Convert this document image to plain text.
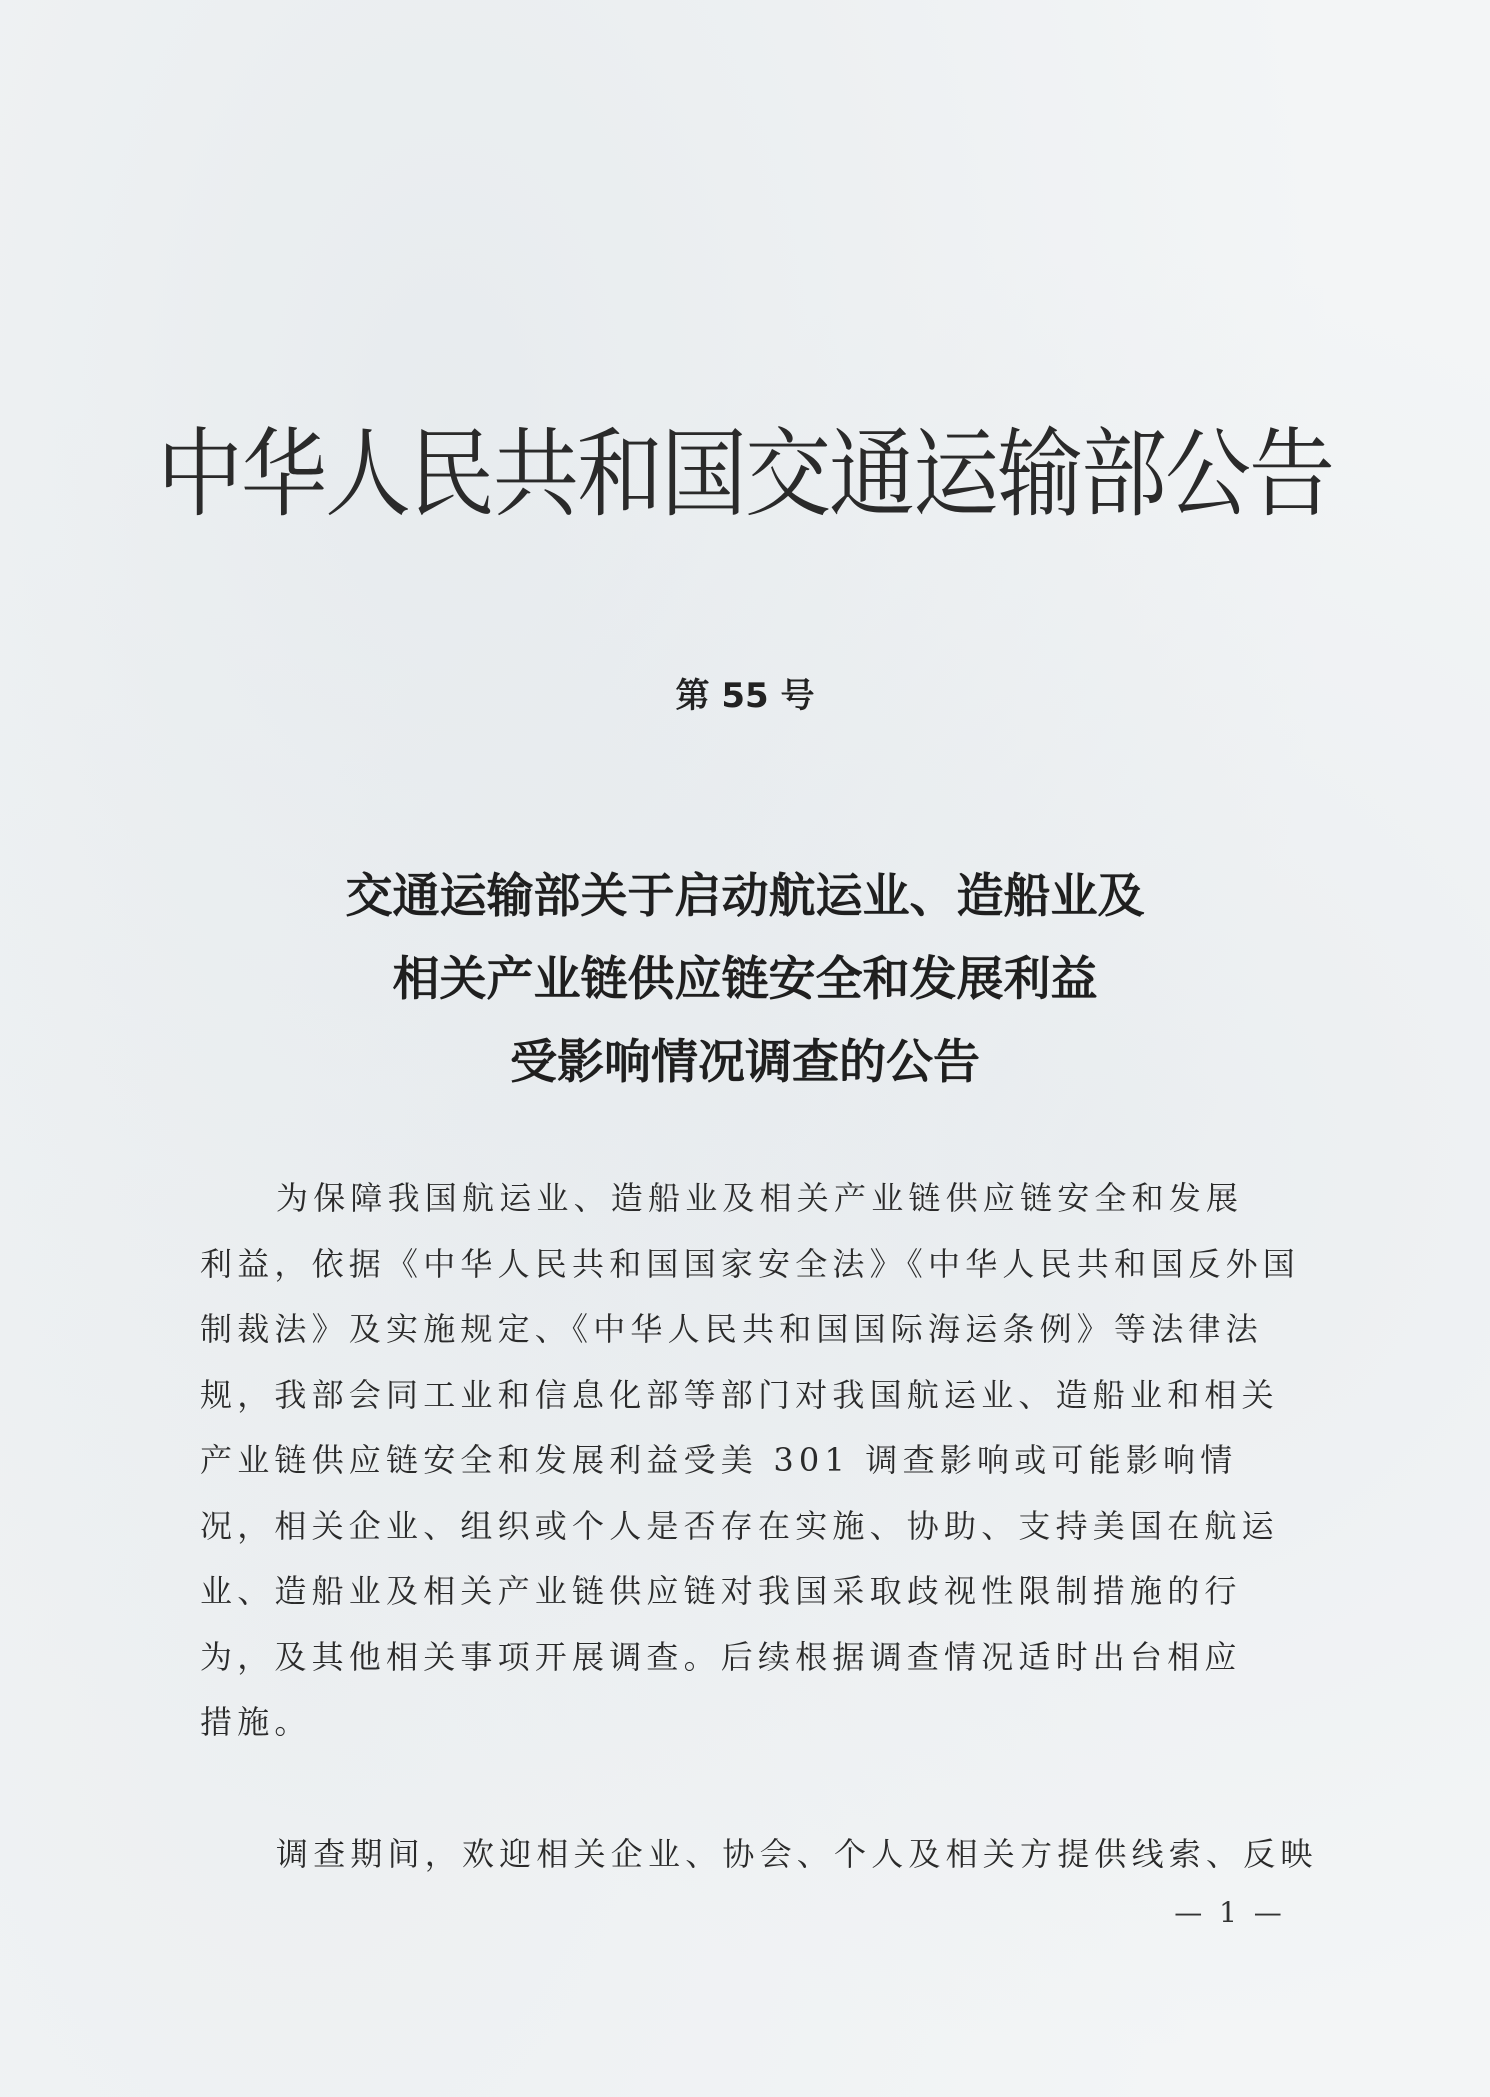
中华人民共和国交通运输部公告
第 55 号
交通运输部关于启动航运业、造船业及
相关产业链供应链安全和发展利益
受影响情况调查的公告
为保障我国航运业、造船业及相关产业链供应链安全和发展
利益，依据《中华人民共和国国家安全法》《中华人民共和国反外国
制裁法》及实施规定、《中华人民共和国国际海运条例》等法律法
规，我部会同工业和信息化部等部门对我国航运业、造船业和相关
产业链供应链安全和发展利益受美 301 调查影响或可能影响情
况，相关企业、组织或个人是否存在实施、协助、支持美国在航运
业、造船业及相关产业链供应链对我国采取歧视性限制措施的行
为，及其他相关事项开展调查。后续根据调查情况适时出台相应
措施。
调查期间，欢迎相关企业、协会、个人及相关方提供线索、反映
— 1 —
